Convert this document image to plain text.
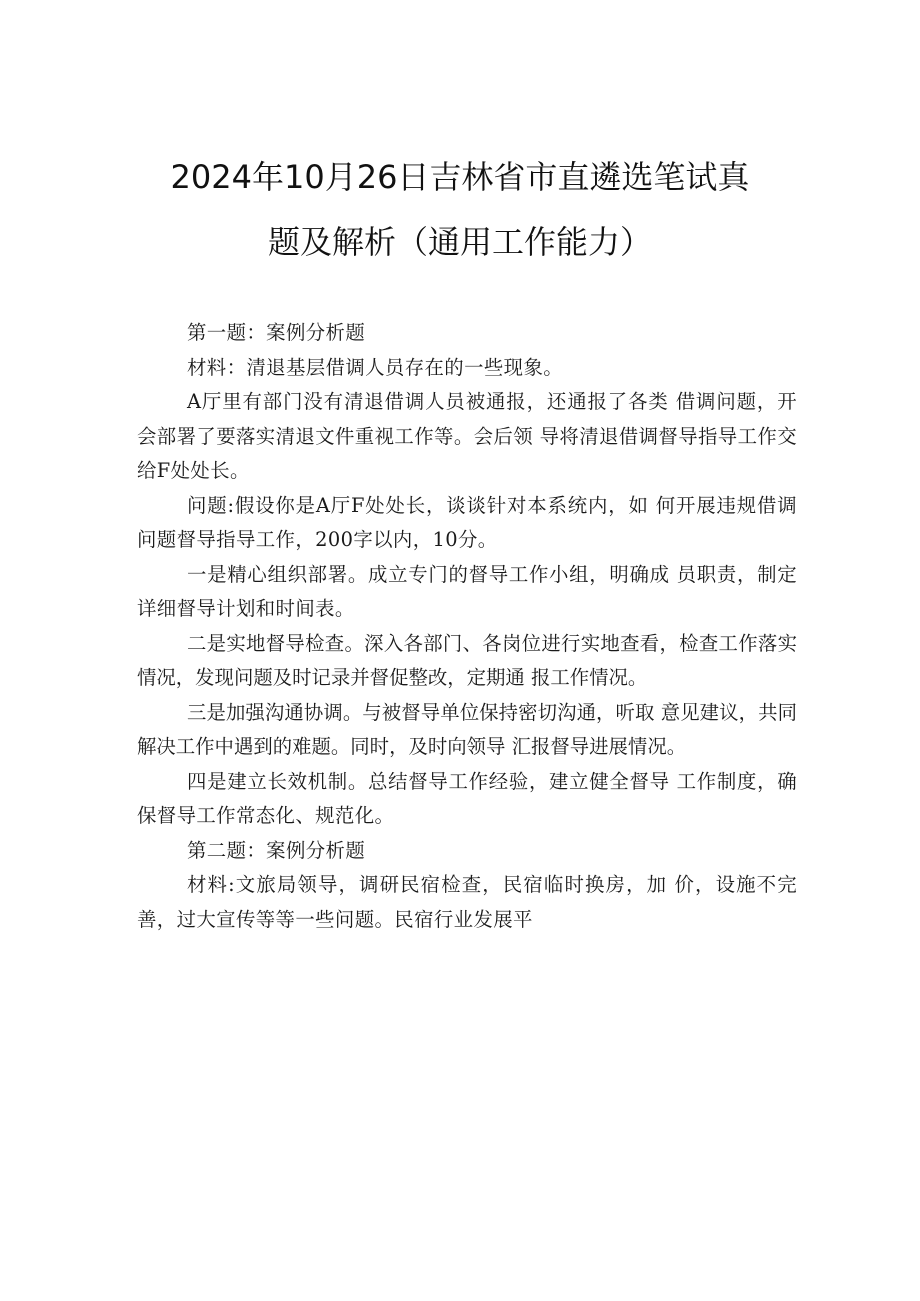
2024年10月26日吉林省市直遴选笔试真
题及解析（通用工作能力）

第一题：案例分析题

材料：清退基层借调人员存在的一些现象。

A厅里有部门没有清退借调人员被通报，还通报了各类 借调问题，开会部署了要落实清退文件重视工作等。会后领 导将清退借调督导指导工作交给F处处长。

问题:假设你是A厅F处处长，谈谈针对本系统内，如 何开展违规借调问题督导指导工作，200字以内，10分。

一是精心组织部署。成立专门的督导工作小组，明确成 员职责，制定详细督导计划和时间表。

二是实地督导检查。深入各部门、各岗位进行实地查看，检查工作落实情况，发现问题及时记录并督促整改，定期通 报工作情况。

三是加强沟通协调。与被督导单位保持密切沟通，听取 意见建议，共同解决工作中遇到的难题。同时，及时向领导 汇报督导进展情况。

四是建立长效机制。总结督导工作经验，建立健全督导 工作制度，确保督导工作常态化、规范化。

第二题：案例分析题

材料:文旅局领导，调研民宿检查，民宿临时换房，加 价，设施不完善，过大宣传等等一些问题。民宿行业发展平
